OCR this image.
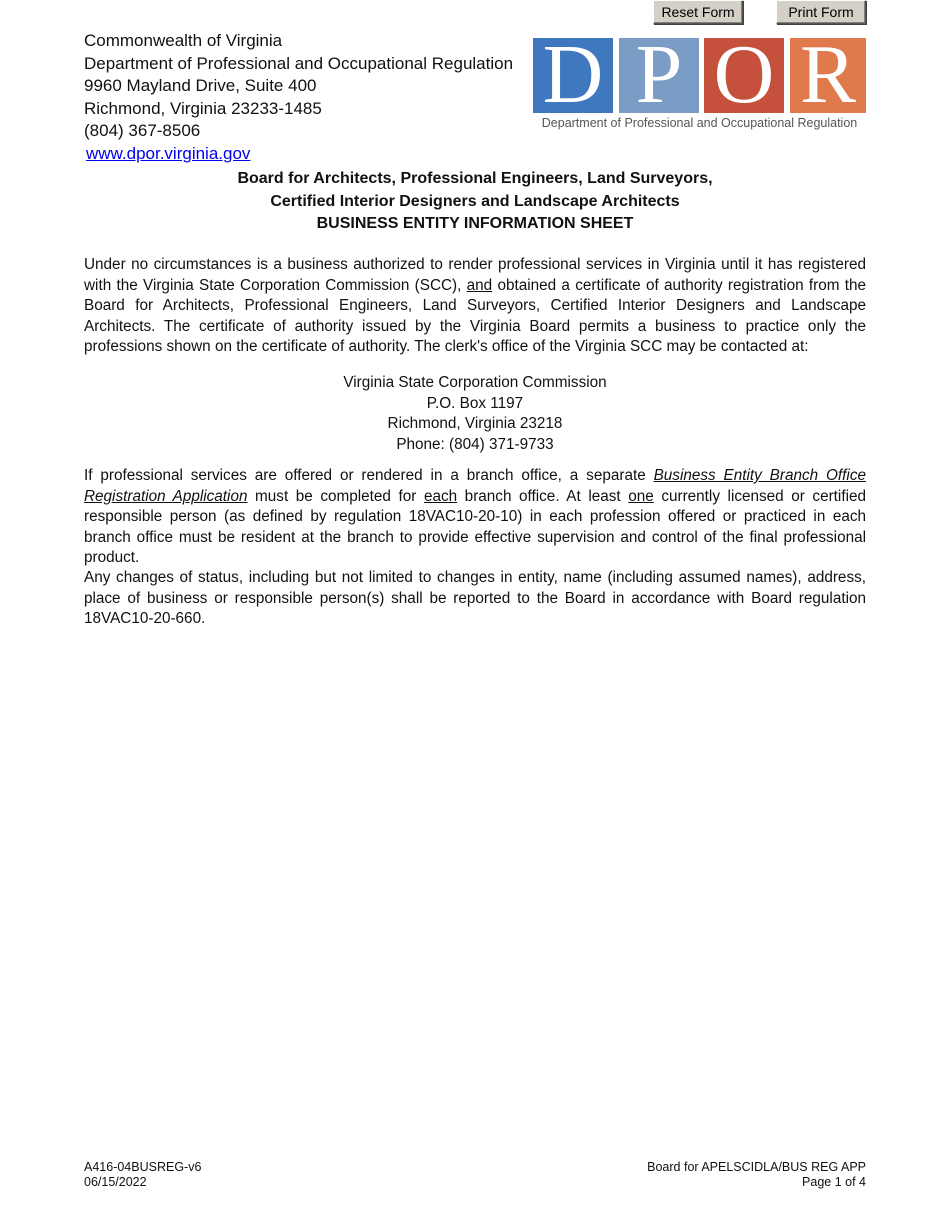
Reset Form	Print Form
Commonwealth of Virginia
Department of Professional and Occupational Regulation
9960 Mayland Drive, Suite 400
Richmond, Virginia 23233-1485
(804) 367-8506
www.dpor.virginia.gov
D P O R
Department of Professional and Occupational Regulation
Board for Architects, Professional Engineers, Land Surveyors,
Certified Interior Designers and Landscape Architects
BUSINESS ENTITY INFORMATION SHEET
Under no circumstances is a business authorized to render professional services in Virginia until it has registered with the Virginia State Corporation Commission (SCC), and obtained a certificate of authority registration from the Board for Architects, Professional Engineers, Land Surveyors, Certified Interior Designers and Landscape Architects. The certificate of authority issued by the Virginia Board permits a business to practice only the professions shown on the certificate of authority. The clerk's office of the Virginia SCC may be contacted at:
Virginia State Corporation Commission
P.O. Box 1197
Richmond, Virginia 23218
Phone: (804) 371-9733
If professional services are offered or rendered in a branch office, a separate Business Entity Branch Office Registration Application must be completed for each branch office. At least one currently licensed or certified responsible person (as defined by regulation 18VAC10-20-10) in each profession offered or practiced in each branch office must be resident at the branch to provide effective supervision and control of the final professional product.
Any changes of status, including but not limited to changes in entity, name (including assumed names), address, place of business or responsible person(s) shall be reported to the Board in accordance with Board regulation 18VAC10-20-660.
A416-04BUSREG-v6
06/15/2022
Board for APELSCIDLA/BUS REG APP
Page 1 of 4
